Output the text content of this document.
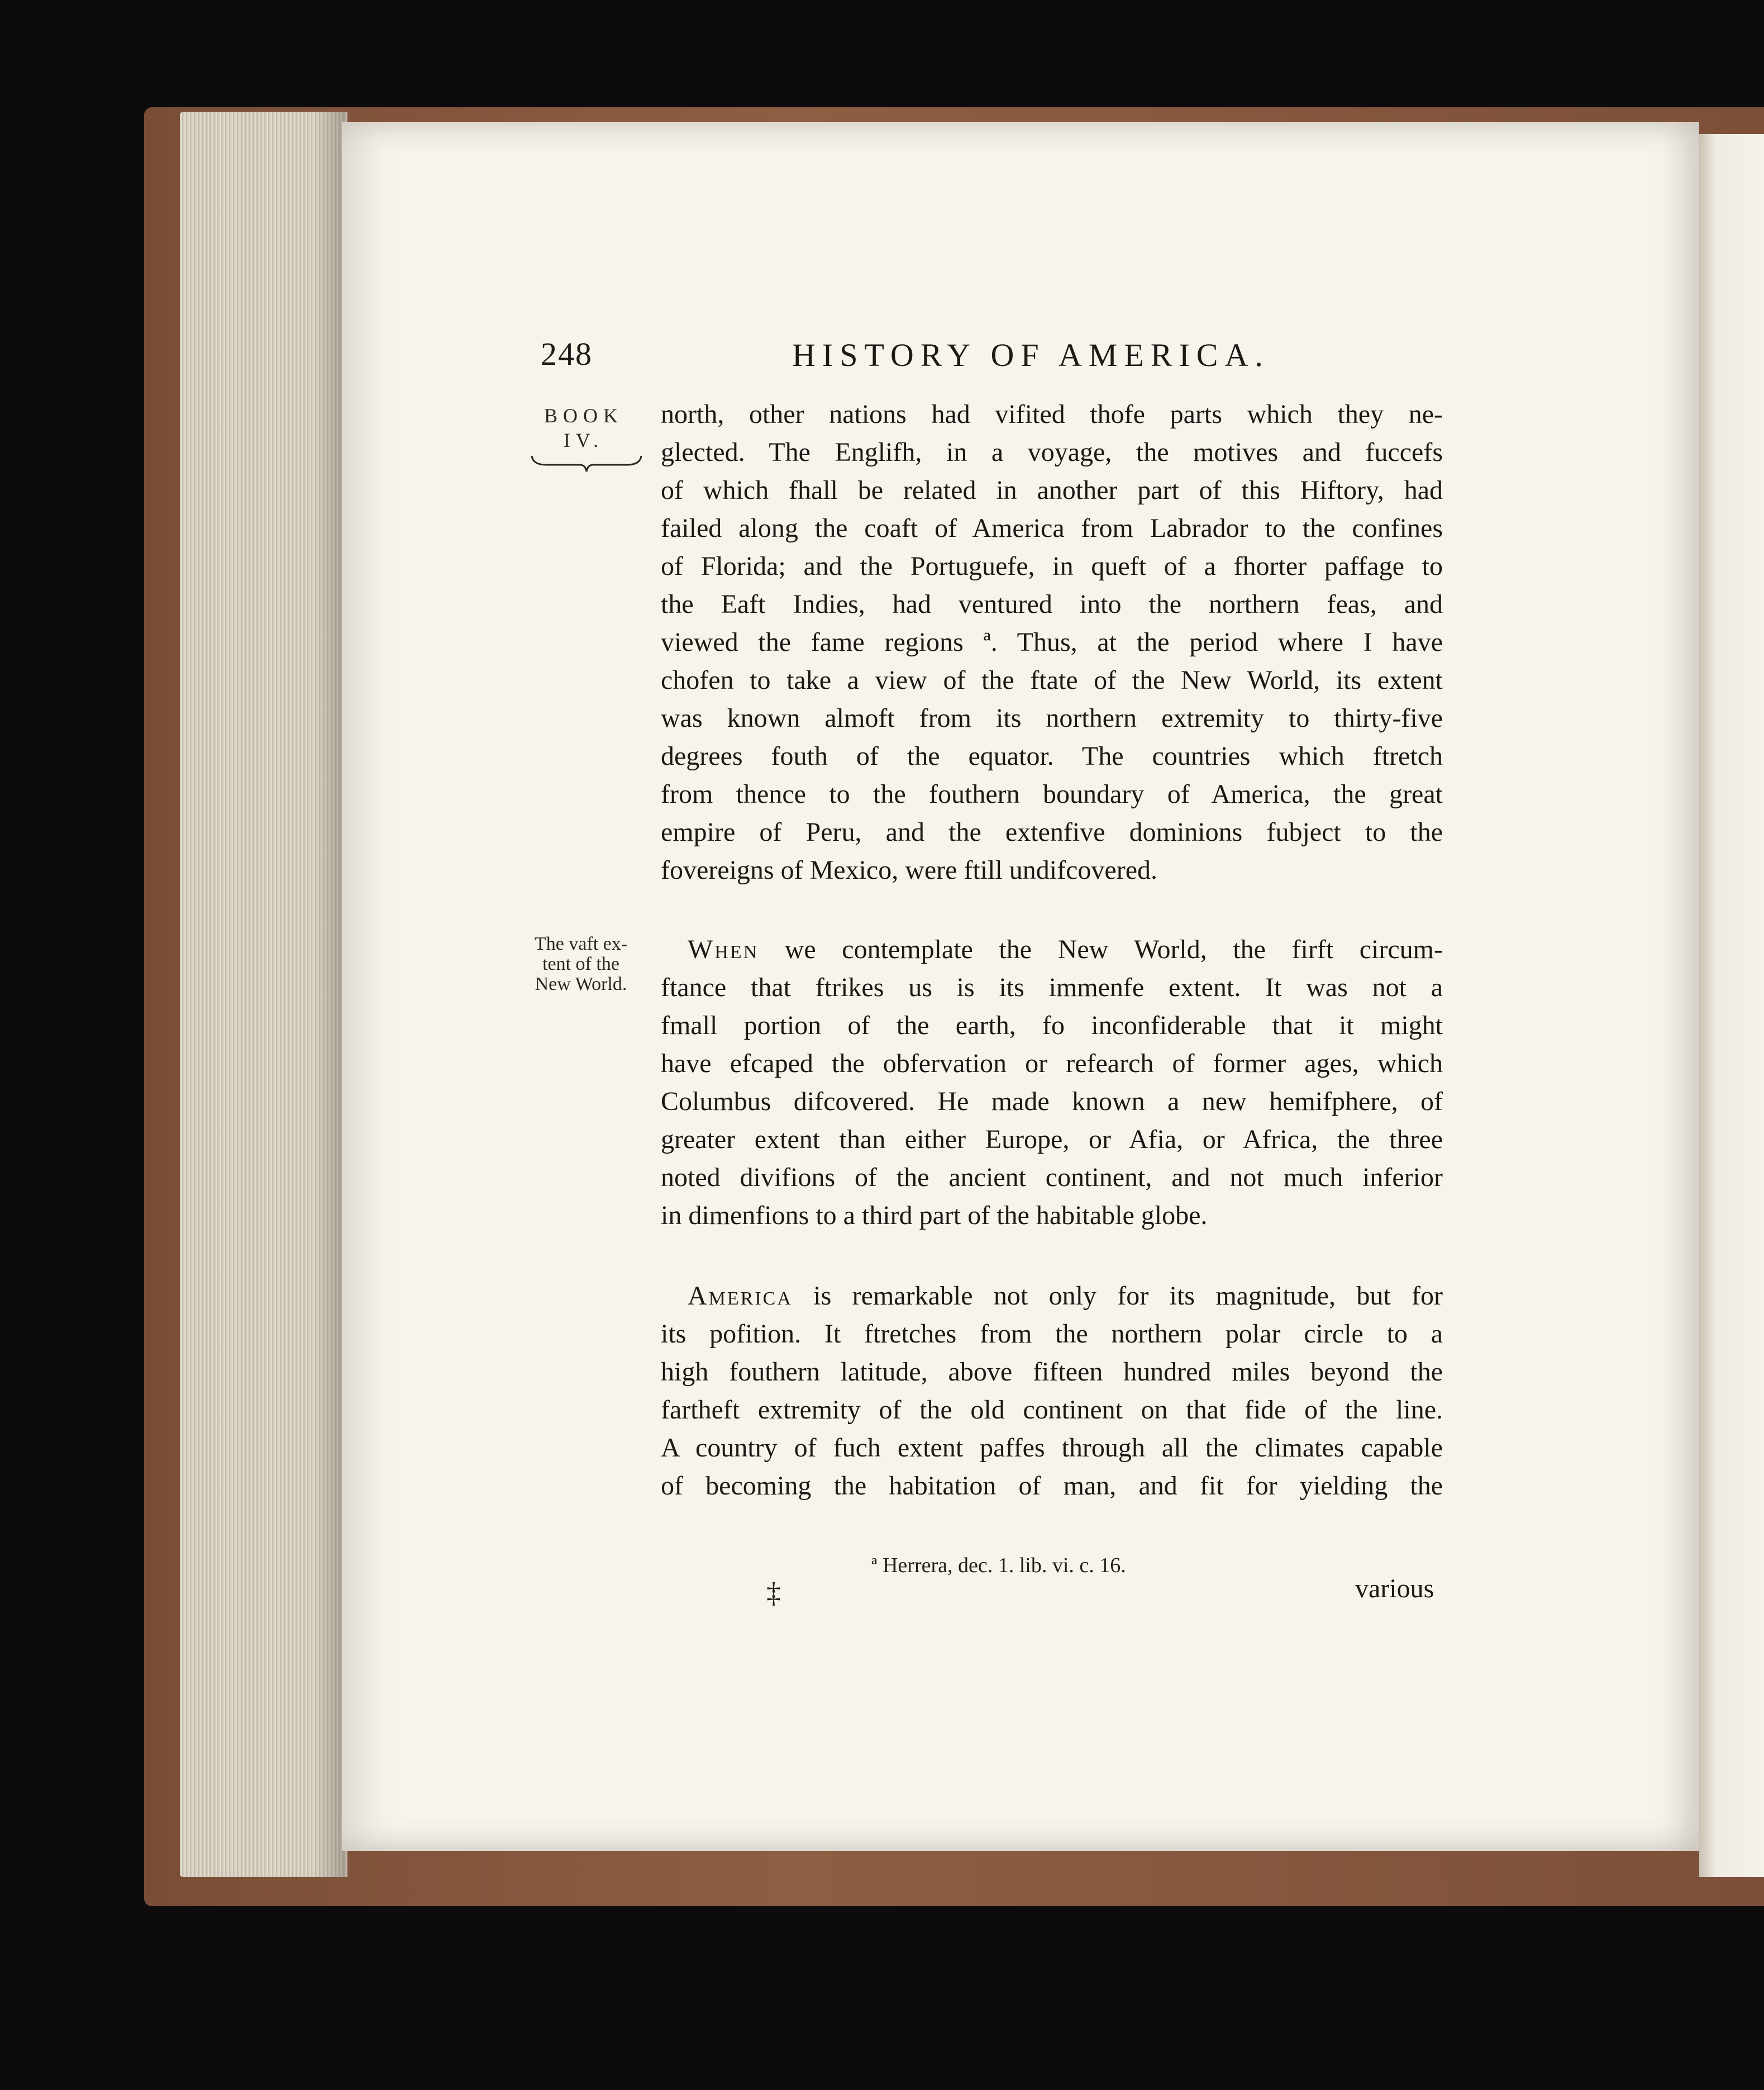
248	HISTORY OF AMERICA.
BOOK
IV.
The vaft ex-
tent of the
New World.
north, other nations had vifited thofe parts which they ne-
glected. The Englifh, in a voyage, the motives and fuccefs
of which fhall be related in another part of this Hiftory, had
failed along the coaft of America from Labrador to the confines
of Florida; and the Portuguefe, in queft of a fhorter paffage to
the Eaft Indies, had ventured into the northern feas, and
viewed the fame regions ª. Thus, at the period where I have
chofen to take a view of the ftate of the New World, its extent
was known almoft from its northern extremity to thirty-five
degrees fouth of the equator. The countries which ftretch
from thence to the fouthern boundary of America, the great
empire of Peru, and the extenfive dominions fubject to the
fovereigns of Mexico, were ftill undifcovered.
When we contemplate the New World, the firft circum-
ftance that ftrikes us is its immenfe extent. It was not a
fmall portion of the earth, fo inconfiderable that it might
have efcaped the obfervation or refearch of former ages, which
Columbus difcovered. He made known a new hemifphere, of
greater extent than either Europe, or Afia, or Africa, the three
noted divifions of the ancient continent, and not much inferior
in dimenfions to a third part of the habitable globe.
America is remarkable not only for its magnitude, but for
its pofition. It ftretches from the northern polar circle to a
high fouthern latitude, above fifteen hundred miles beyond the
fartheft extremity of the old continent on that fide of the line.
A country of fuch extent paffes through all the climates capable
of becoming the habitation of man, and fit for yielding the
ª Herrera, dec. 1. lib. vi. c. 16.
‡	various
